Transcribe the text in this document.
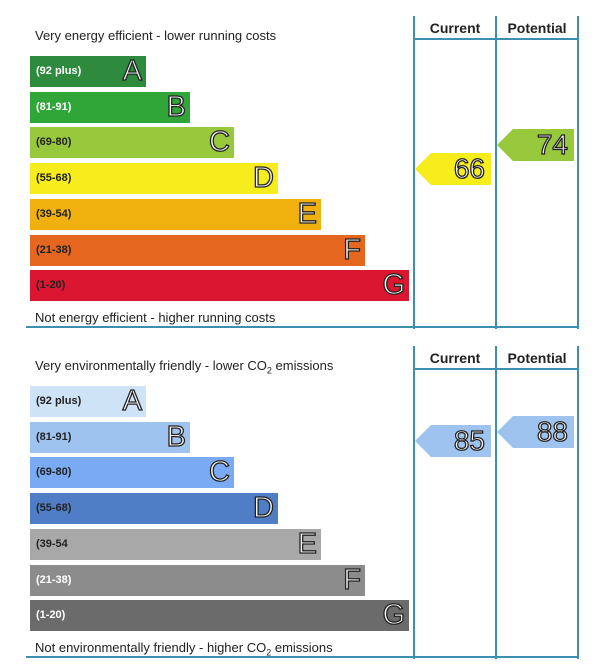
Current	Potential
Very energy efficient - lower running costs
Not energy efficient - higher running costs
(92 plus) A
(81-91)	B
(69-80)	C
(55-68)	D
(39-54)	E
(21-38)	F
(1-20)	G
66
74
Current	Potential
Very environmentally friendly - lower $CO_2$ emissions
Not environmentally friendly - higher $CO_2$ emissions
(92 plus) A
(81-91)	B
(69-80)	C
(55-68)	D
(39-54	E
(21-38)	F
(1-20)	G
85 88
